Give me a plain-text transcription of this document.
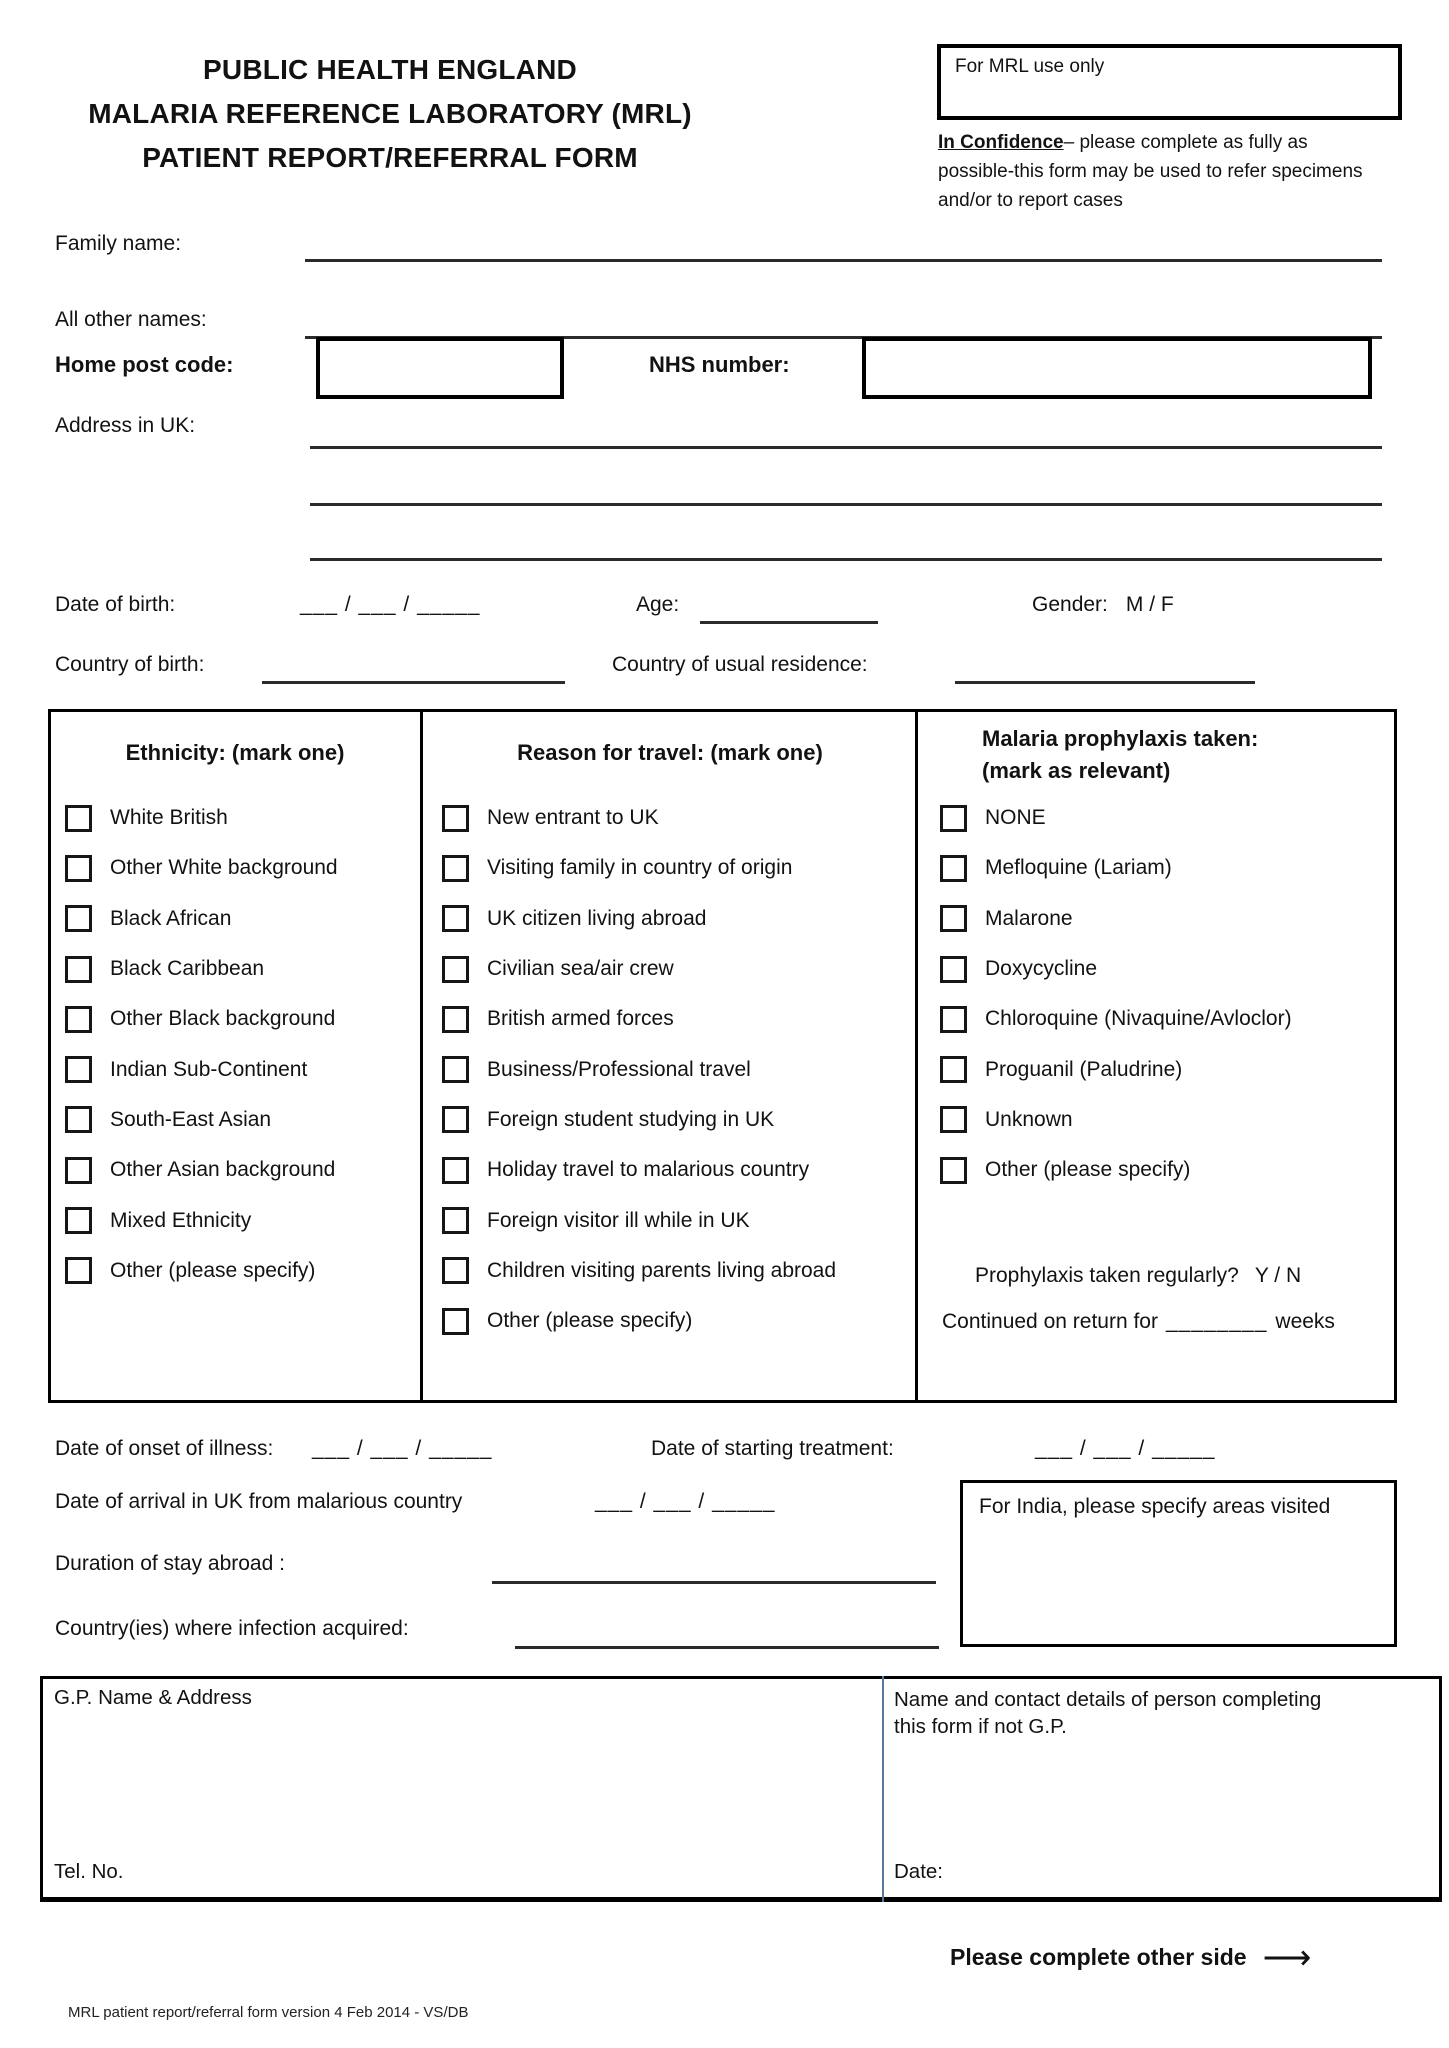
PUBLIC HEALTH ENGLAND
MALARIA REFERENCE LABORATORY (MRL)
PATIENT REPORT/REFERRAL FORM
For MRL use only
In Confidence– please complete as fully as possible-this form may be used to refer specimens and/or to report cases
Family name:
All other names:
Home post code:	NHS number:
Address in UK:
Date of birth:	___ / ___ / _____	Age:	Gender: M / F
Country of birth:	Country of usual residence:
Ethnicity: (mark one)	Reason for travel: (mark one)
Malaria prophylaxis taken:
(mark as relevant)
White British
Other White background
Black African
Black Caribbean
Other Black background
Indian Sub-Continent
South-East Asian
Other Asian background
Mixed Ethnicity
Other (please specify)
New entrant to UK
Visiting family in country of origin
UK citizen living abroad
Civilian sea/air crew
British armed forces
Business/Professional travel
Foreign student studying in UK
Holiday travel to malarious country
Foreign visitor ill while in UK
Children visiting parents living abroad
Other (please specify)
NONE
Mefloquine (Lariam)
Malarone
Doxycycline
Chloroquine (Nivaquine/Avloclor)
Proguanil (Paludrine)
Unknown
Other (please specify)
Prophylaxis taken regularly? Y / N
Continued on return for ________ weeks
Date of onset of illness: ___ / ___ / _____	Date of starting treatment:	___ / ___ / _____
Date of arrival in UK from malarious country	___ / ___ / _____	For India, please specify areas visited
Duration of stay abroad :
Country(ies) where infection acquired:
G.P. Name & Address
Tel. No.
Name and contact details of person completing this form if not G.P.
Date:
Please complete other side ⟶
MRL patient report/referral form version 4 Feb 2014 - VS/DB
